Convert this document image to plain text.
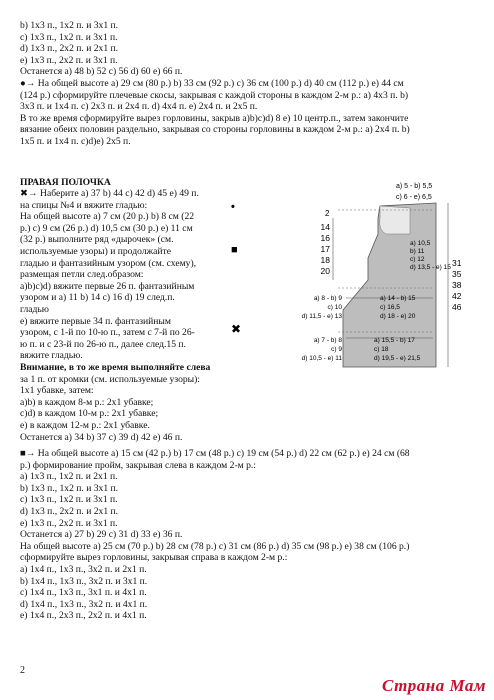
b) 1х3 п., 1х2 п. и 3х1 п.
c) 1х3 п., 1х2 п. и 3х1 п.
d) 1х3 п., 2х2 п. и 2х1 п.
e) 1х3 п., 2х2 п. и 3х1 п.
Останется a) 48 b) 52 c) 56 d) 60 e) 66 п.
●→ На общей высоте a) 29 см (80 р.) b) 33 см (92 р.) c) 36 см (100 р.) d) 40 см (112 р.) e) 44 см
(124 р.) сформируйте плечевые скосы, закрывая с каждой стороны в каждом 2-м р.: a) 4х3 п. b)
3х3 п. и 1х4 п. c) 2х3 п. и 2х4 п. d) 4х4 п. e) 2х4 п. и 2х5 п.
В то же время сформируйте вырез горловины, закрыв a)b)c)d) 8 e) 10 центр.п., затем закончите
вязание обеих половин раздельно, закрывая со стороны горловины в каждом 2-м р.: a) 2х4 п. b)
1х5 п. и 1х4 п. c)d)e) 2х5 п.
ПРАВАЯ ПОЛОЧКА
✖→ Наберите a) 37 b) 44 c) 42 d) 45 e) 49 п.
на спицы №4 и вяжите гладью:
На общей высоте a) 7 см (20 р.) b) 8 см (22
р.) c) 9 см (26 р.) d) 10,5 см (30 р.) e) 11 см
(32 р.) выполните ряд «дырочек» (см.
используемые узоры) и продолжайте
гладью и фантазийным узором (см. схему),
размещая петли след.образом:
a)b)c)d) вяжите первые 26 п. фантазийным
узором и a) 11 b) 14 c) 16 d) 19 след.п.
гладью
e) вяжите первые 34 п. фантазийным
узором, с 1-й по 10-ю п., затем с 7-й по 26-
ю п. и с 23-й по 26-ю п., далее след.15 п.
вяжите гладью.
Внимание, в то же время выполняйте слева
за 1 п. от кромки (см. используемые узоры):
1х1 убавке, затем:
a)b) в каждом 8-м р.: 2х1 убавке;
c)d) в каждом 10-м р.: 2х1 убавке;
e) в каждом 12-м р.: 2х1 убавке.
Останется a) 34 b) 37 c) 39 d) 42 e) 46 п.
•
■
✖
a) 5 - b) 5,5
c) 6 - e) 6,5
2
14
16
17
18
20
31
35
38
42
46
a) 10,5
b) 11
c) 12
d) 13,5 - e) 15
a) 8 - b) 9
c) 10
d) 11,5 - e) 13
a) 14 - b) 15
c) 16,5
d) 18 - e) 20
a) 7 - b) 8
c) 9
d) 10,5 - e) 11
a) 15,5 - b) 17
c) 18
d) 19,5 - e) 21,5
■→ На общей высоте a) 15 см (42 р.) b) 17 см (48 р.) c) 19 см (54 р.) d) 22 см (62 р.) e) 24 см (68
р.) формирование пройм, закрывая слева в каждом 2-м р.:
a) 1х3 п., 1х2 п. и 2х1 п.
b) 1х3 п., 1х2 п. и 3х1 п.
c) 1х3 п., 1х2 п. и 3х1 п.
d) 1х3 п., 2х2 п. и 2х1 п.
e) 1х3 п., 2х2 п. и 3х1 п.
Останется a) 27 b) 29 c) 31 d) 33 e) 36 п.
На общей высоте a) 25 см (70 р.) b) 28 см (78 р.) c) 31 см (86 р.) d) 35 см (98 р.) e) 38 см (106 р.)
сформируйте вырез горловины, закрывая справа в каждом 2-м р.:
a) 1х4 п., 1х3 п., 3х2 п. и 2х1 п.
b) 1х4 п., 1х3 п., 3х2 п. и 3х1 п.
c) 1х4 п., 1х3 п., 3х1 п. и 4х1 п.
d) 1х4 п., 1х3 п., 3х2 п. и 4х1 п.
e) 1х4 п., 2х3 п., 2х2 п. и 4х1 п.
2
Страна Мам
